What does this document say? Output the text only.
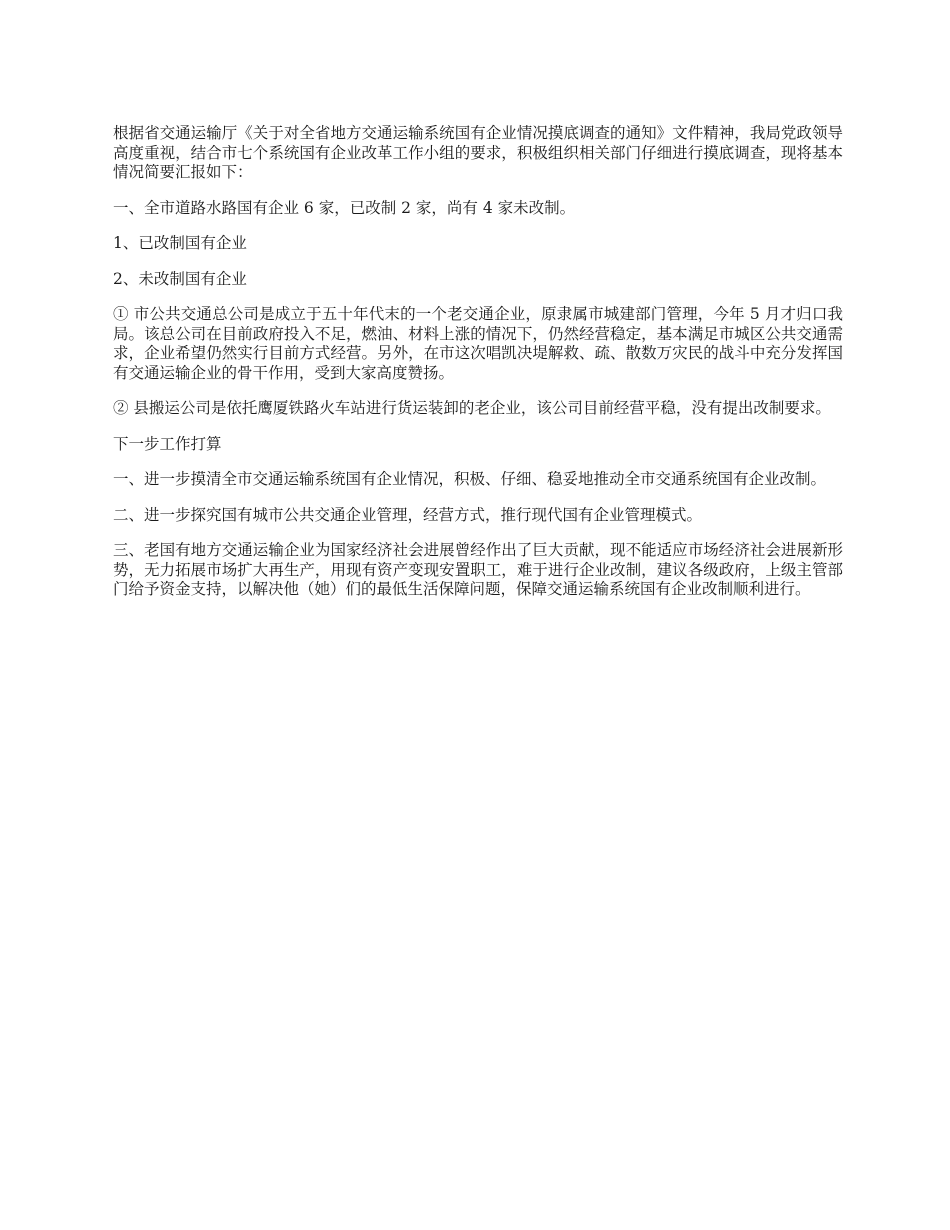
根据省交通运输厅《关于对全省地方交通运输系统国有企业情况摸底调查的通知》文件精神，我局党政领导高度重视，结合市七个系统国有企业改革工作小组的要求，积极组织相关部门仔细进行摸底调查，现将基本情况简要汇报如下：

一、全市道路水路国有企业 6 家，已改制 2 家，尚有 4 家未改制。

1、已改制国有企业

2、未改制国有企业

① 市公共交通总公司是成立于五十年代末的一个老交通企业，原隶属市城建部门管理，今年 5 月才归口我局。该总公司在目前政府投入不足，燃油、材料上涨的情况下，仍然经营稳定，基本满足市城区公共交通需求，企业希望仍然实行目前方式经营。另外，在市这次唱凯决堤解救、疏、散数万灾民的战斗中充分发挥国有交通运输企业的骨干作用，受到大家高度赞扬。

② 县搬运公司是依托鹰厦铁路火车站进行货运装卸的老企业，该公司目前经营平稳，没有提出改制要求。

下一步工作打算

一、进一步摸清全市交通运输系统国有企业情况，积极、仔细、稳妥地推动全市交通系统国有企业改制。

二、进一步探究国有城市公共交通企业管理，经营方式，推行现代国有企业管理模式。

三、老国有地方交通运输企业为国家经济社会进展曾经作出了巨大贡献，现不能适应市场经济社会进展新形势，无力拓展市场扩大再生产，用现有资产变现安置职工，难于进行企业改制，建议各级政府，上级主管部门给予资金支持，以解决他（她）们的最低生活保障问题，保障交通运输系统国有企业改制顺利进行。
